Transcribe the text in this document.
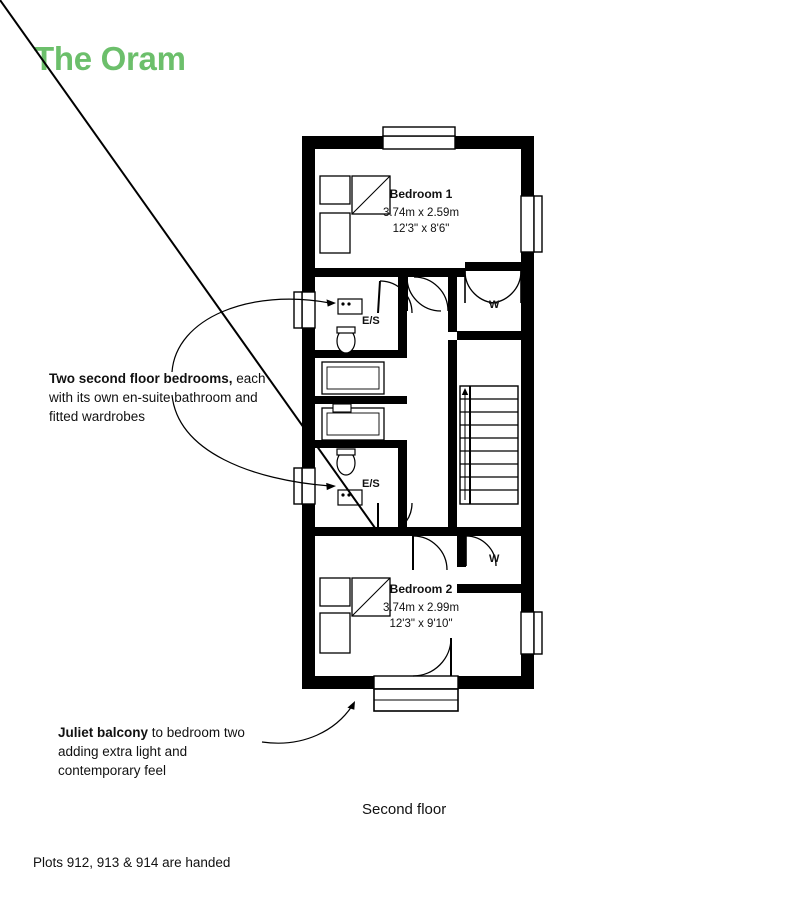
The Oram
Bedroom 1
3.74m x 2.59m
12'3" x 8'6"
Bedroom 2
3.74m x 2.99m
12'3" x 9'10"
E/S
E/S
W
W
Two second floor bedrooms, each with its own en-suite bathroom and fitted wardrobes
Juliet balcony to bedroom two adding extra light and contemporary feel
Second floor
Plots 912, 913 & 914 are handed
